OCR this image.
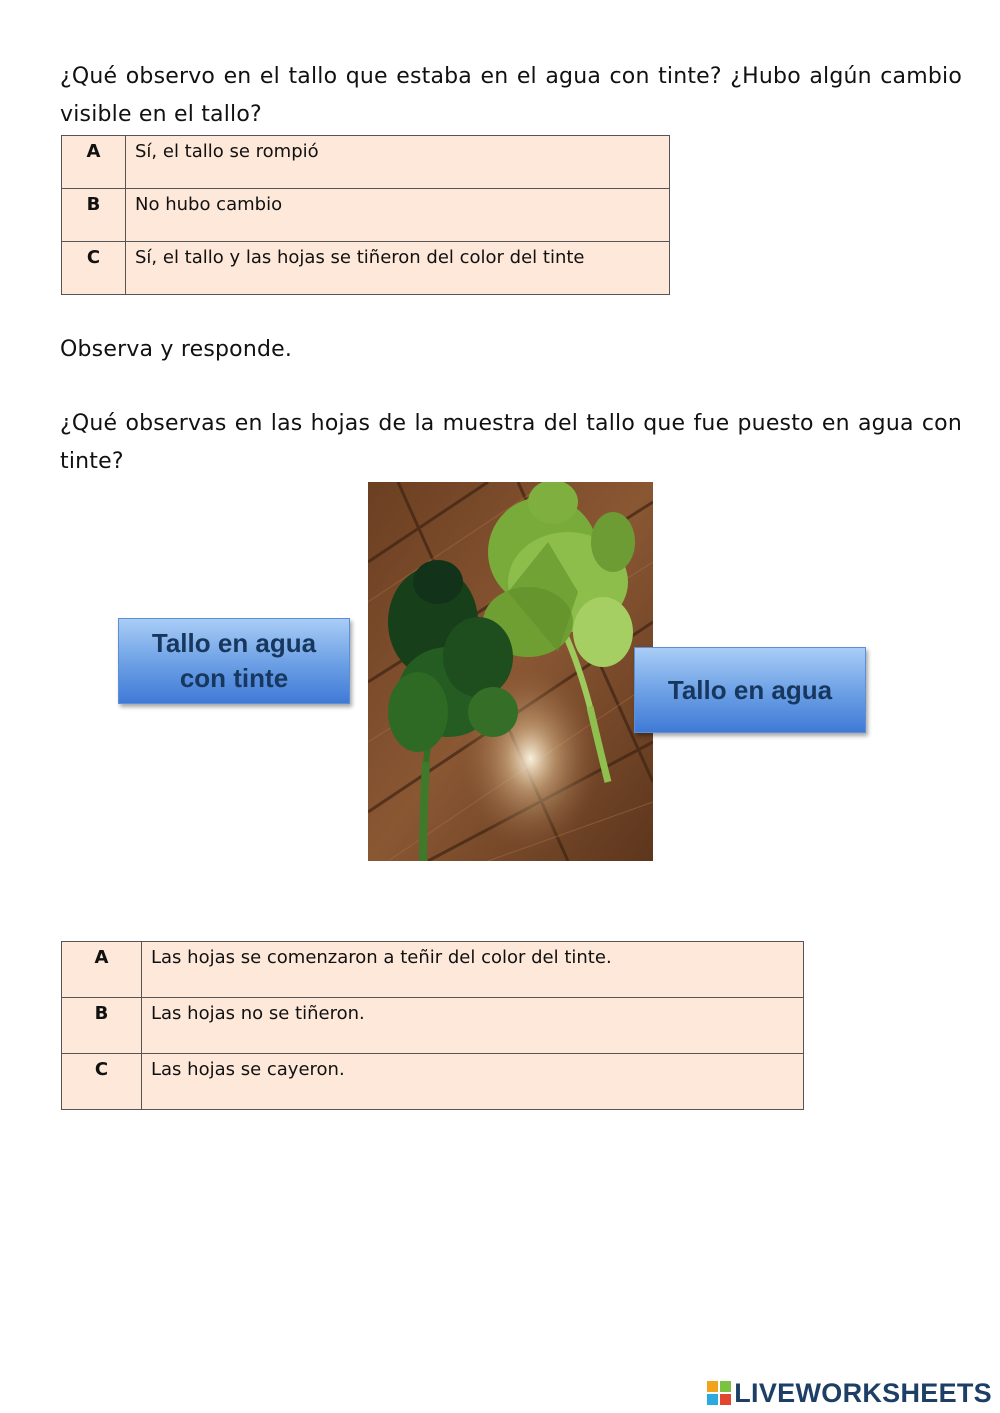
¿Qué observo en el tallo que estaba en el agua con tinte? ¿Hubo algún cambio visible en el tallo?
A	Sí, el tallo se rompió
B	No hubo cambio
C	Sí, el tallo y las hojas se tiñeron del color del tinte
Observa y responde.
¿Qué observas en las hojas de la muestra del tallo que fue puesto en agua con tinte?
Tallo en agua con tinte	Tallo en agua
A	Las hojas se comenzaron a teñir del color del tinte.
B	Las hojas no se tiñeron.
C	Las hojas se cayeron.
LIVEWORKSHEETS
